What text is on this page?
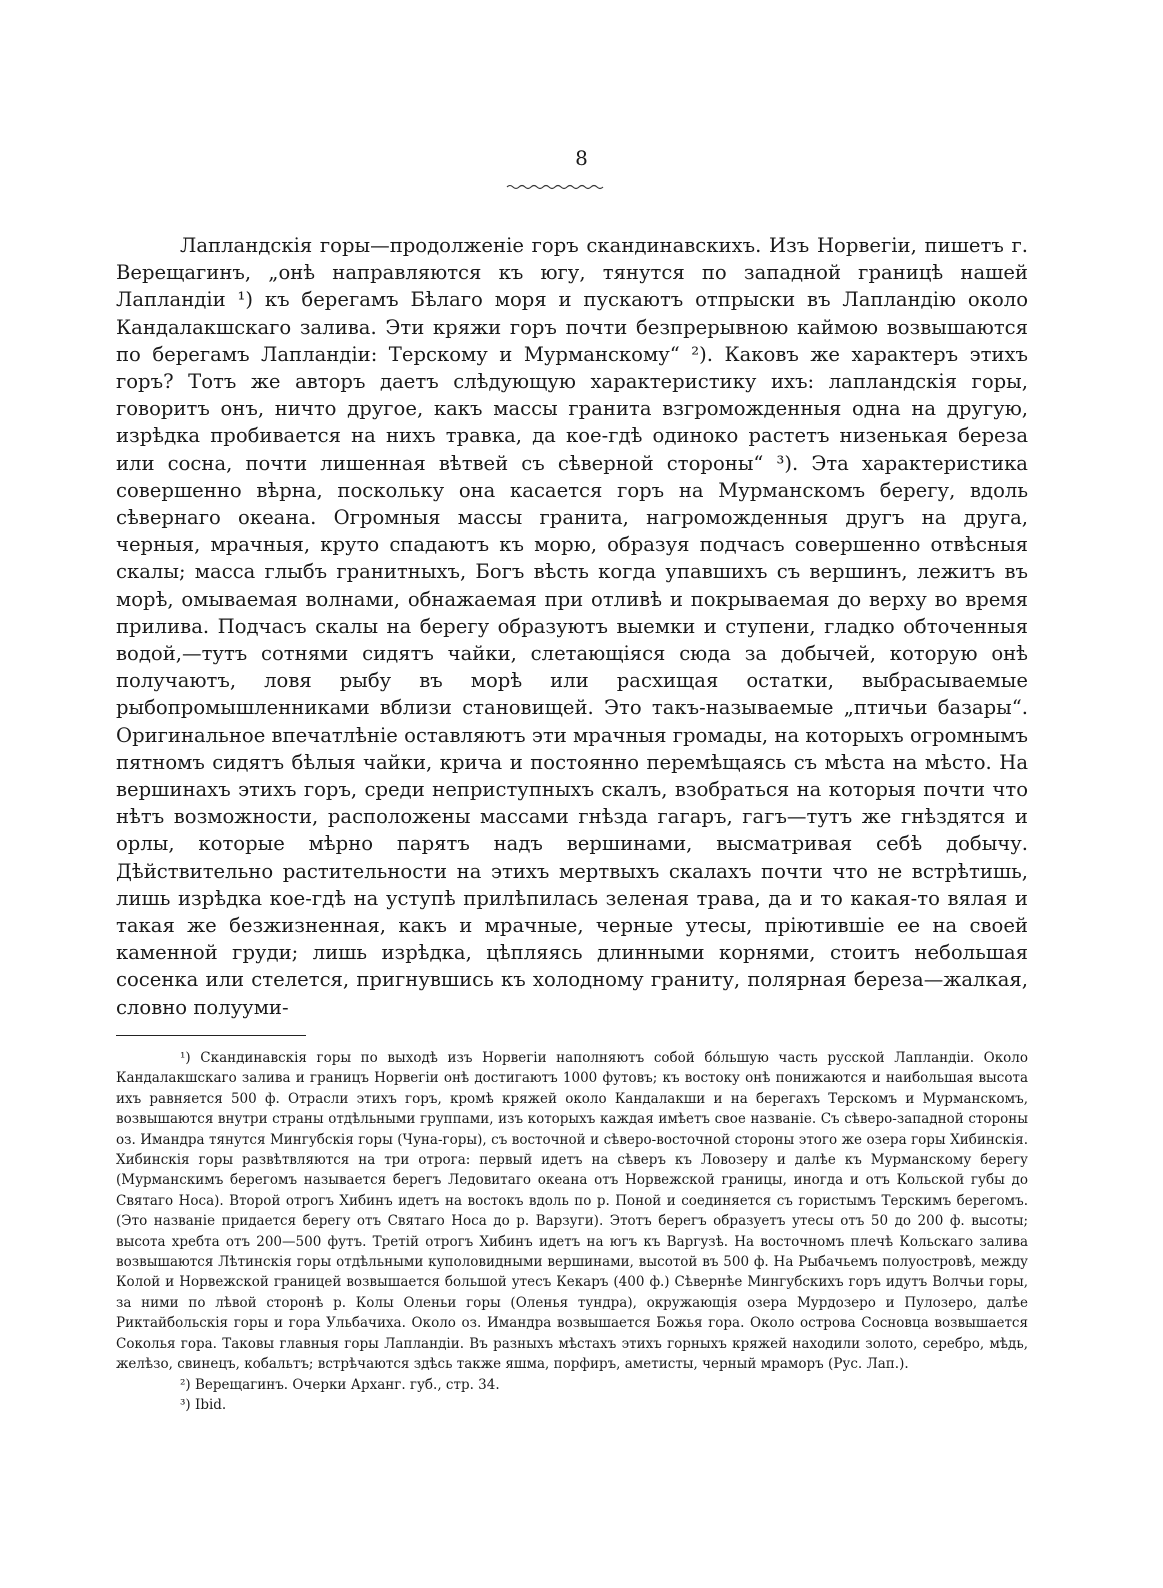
8

Лапландскія горы—продолженіе горъ скандинавскихъ. Изъ Норвегіи, пишетъ г. Верещагинъ, „онѣ направляются къ югу, тянутся по западной границѣ нашей Лапландіи ¹) къ берегамъ Бѣлаго моря и пускаютъ отпрыски въ Лапландію около Кандалакшскаго залива. Эти кряжи горъ почти безпрерывною каймою возвышаются по берегамъ Лапландіи: Терскому и Мурманскому“ ²). Каковъ же характеръ этихъ горъ? Тотъ же авторъ даетъ слѣдующую характеристику ихъ: лапландскія горы, говоритъ онъ, ничто другое, какъ массы гранита взгроможденныя одна на другую, изрѣдка пробивается на нихъ травка, да кое-гдѣ одиноко растетъ низенькая береза или сосна, почти лишенная вѣтвей съ сѣверной стороны“ ³). Эта характеристика совершенно вѣрна, поскольку она касается горъ на Мурманскомъ берегу, вдоль сѣвернаго океана. Огромныя массы гранита, нагроможденныя другъ на друга, черныя, мрачныя, круто спадаютъ къ морю, образуя подчасъ совершенно отвѣсныя скалы; масса глыбъ гранитныхъ, Богъ вѣсть когда упавшихъ съ вершинъ, лежитъ въ морѣ, омываемая волнами, обнажаемая при отливѣ и покрываемая до верху во время прилива. Подчасъ скалы на берегу образуютъ выемки и ступени, гладко обточенныя водой,—тутъ сотнями сидятъ чайки, слетающіяся сюда за добычей, которую онѣ получаютъ, ловя рыбу въ морѣ или расхищая остатки, выбрасываемые рыбопромышленниками вблизи становищей. Это такъ-называемые „птичьи базары“. Оригинальное впечатлѣніе оставляютъ эти мрачныя громады, на которыхъ огромнымъ пятномъ сидятъ бѣлыя чайки, крича и постоянно перемѣщаясь съ мѣста на мѣсто. На вершинахъ этихъ горъ, среди неприступныхъ скалъ, взобраться на которыя почти что нѣтъ возможности, расположены массами гнѣзда гагаръ, гагъ—тутъ же гнѣздятся и орлы, которые мѣрно парятъ надъ вершинами, высматривая себѣ добычу. Дѣйствительно растительности на этихъ мертвыхъ скалахъ почти что не встрѣтишь, лишь изрѣдка кое-гдѣ на уступѣ прилѣпилась зеленая трава, да и то какая-то вялая и такая же безжизненная, какъ и мрачные, черные утесы, пріютившіе ее на своей каменной груди; лишь изрѣдка, цѣпляясь длинными корнями, стоитъ небольшая сосенка или стелется, пригнувшись къ холодному граниту, полярная береза—жалкая, словно полууми-

¹) Скандинавскія горы по выходѣ изъ Норвегіи наполняютъ собой бо́льшую часть русской Лапландіи. Около Кандалакшскаго залива и границъ Норвегіи онѣ достигаютъ 1000 футовъ; къ востоку онѣ понижаются и наибольшая высота ихъ равняется 500 ф. Отрасли этихъ горъ, кромѣ кряжей около Кандалакши и на берегахъ Терскомъ и Мурманскомъ, возвышаются внутри страны отдѣльными группами, изъ которыхъ каждая имѣетъ свое названіе. Съ сѣверо-западной стороны оз. Имандра тянутся Мингубскія горы (Чуна-горы), съ восточной и сѣверо-восточной стороны этого же озера горы Хибинскія. Хибинскія горы развѣтвляются на три отрога: первый идетъ на сѣверъ къ Ловозеру и далѣе къ Мурманскому берегу (Мурманскимъ берегомъ называется берегъ Ледовитаго океана отъ Норвежской границы, иногда и отъ Кольской губы до Святаго Носа). Второй отрогъ Хибинъ идетъ на востокъ вдоль по р. Поной и соединяется съ гористымъ Терскимъ берегомъ. (Это названіе придается берегу отъ Святаго Носа до р. Варзуги). Этотъ берегъ образуетъ утесы отъ 50 до 200 ф. высоты; высота хребта отъ 200—500 футъ. Третій отрогъ Хибинъ идетъ на югъ къ Варгузѣ. На восточномъ плечѣ Кольскаго залива возвышаются Лѣтинскія горы отдѣльными куполовидными вершинами, высотой въ 500 ф. На Рыбачьемъ полуостровѣ, между Колой и Норвежской границей возвышается большой утесъ Кекаръ (400 ф.) Сѣвернѣе Мингубскихъ горъ идутъ Волчьи горы, за ними по лѣвой сторонѣ р. Колы Оленьи горы (Оленья тундра), окружающія озера Мурдозеро и Пулозеро, далѣе Риктайбольскія горы и гора Ульбачиха. Около оз. Имандра возвышается Божья гора. Около острова Сосновца возвышается Соколья гора. Таковы главныя горы Лапландіи. Въ разныхъ мѣстахъ этихъ горныхъ кряжей находили золото, серебро, мѣдь, желѣзо, свинецъ, кобальтъ; встрѣчаются здѣсь также яшма, порфиръ, аметисты, черный мраморъ (Рус. Лап.).

²) Верещагинъ. Очерки Арханг. губ., стр. 34.

³) Ibid.
